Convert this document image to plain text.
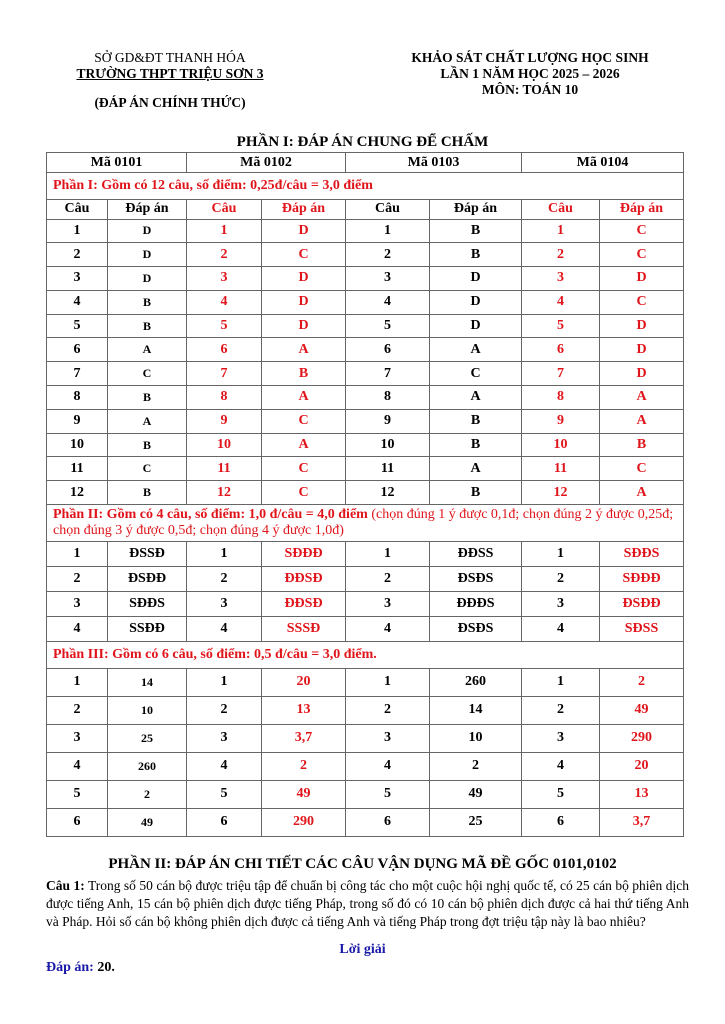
SỞ GD&ĐT THANH HÓA
TRƯỜNG THPT TRIỆU SƠN 3
(ĐÁP ÁN CHÍNH THỨC)
KHẢO SÁT CHẤT LƯỢNG HỌC SINH
LẦN 1 NĂM HỌC 2025 – 2026
MÔN: TOÁN 10
PHẦN I: ĐÁP ÁN CHUNG ĐỂ CHẤM
Mã 0101		Mã 0102		Mã 0103		Mã 0104	
Phần I: Gồm có 12 câu, số điểm: 0,25đ/câu = 3,0 điểm							
Câu	Đáp án	Câu	Đáp án	Câu	Đáp án	Câu	Đáp án
1	D	1	D	1	B	1	C
2	D	2	C	2	B	2	C
3	D	3	D	3	D	3	D
4	B	4	D	4	D	4	C
5	B	5	D	5	D	5	D
6	A	6	A	6	A	6	D
7	C	7	B	7	C	7	D
8	B	8	A	8	A	8	A
9	A	9	C	9	B	9	A
10	B	10	A	10	B	10	B
11	C	11	C	11	A	11	C
12	B	12	C	12	B	12	A
Phần II: Gồm có 4 câu, số điểm: 1,0 đ/câu = 4,0 điểm (chọn đúng 1 ý được 0,1đ; chọn đúng 2 ý được 0,25đ; chọn đúng 3 ý được 0,5đ; chọn đúng 4 ý được 1,0đ)							
1	ĐSSĐ	1	SĐĐĐ	1	ĐĐSS	1	SĐĐS
2	ĐSĐĐ	2	ĐĐSĐ	2	ĐSĐS	2	SĐĐĐ
3	SĐĐS	3	ĐĐSĐ	3	ĐĐĐS	3	ĐSĐĐ
4	SSĐĐ	4	SSSĐ	4	ĐSĐS	4	SĐSS
Phần III: Gồm có 6 câu, số điểm: 0,5 đ/câu = 3,0 điểm.							
1	14	1	20	1	260	1	2
2	10	2	13	2	14	2	49
3	25	3	3,7	3	10	3	290
4	260	4	2	4	2	4	20
5	2	5	49	5	49	5	13
6	49	6	290	6	25	6	3,7
PHẦN II: ĐÁP ÁN CHI TIẾT CÁC CÂU VẬN DỤNG MÃ ĐỀ GỐC 0101,0102
Câu 1: Trong số 50 cán bộ được triệu tập để chuẩn bị công tác cho một cuộc hội nghị quốc tế, có 25 cán bộ phiên dịch được tiếng Anh, 15 cán bộ phiên dịch được tiếng Pháp, trong số đó có 10 cán bộ phiên dịch được cả hai thứ tiếng Anh và Pháp. Hỏi số cán bộ không phiên dịch được cả tiếng Anh và tiếng Pháp trong đợt triệu tập này là bao nhiêu?
Lời giải
Đáp án: 20.
